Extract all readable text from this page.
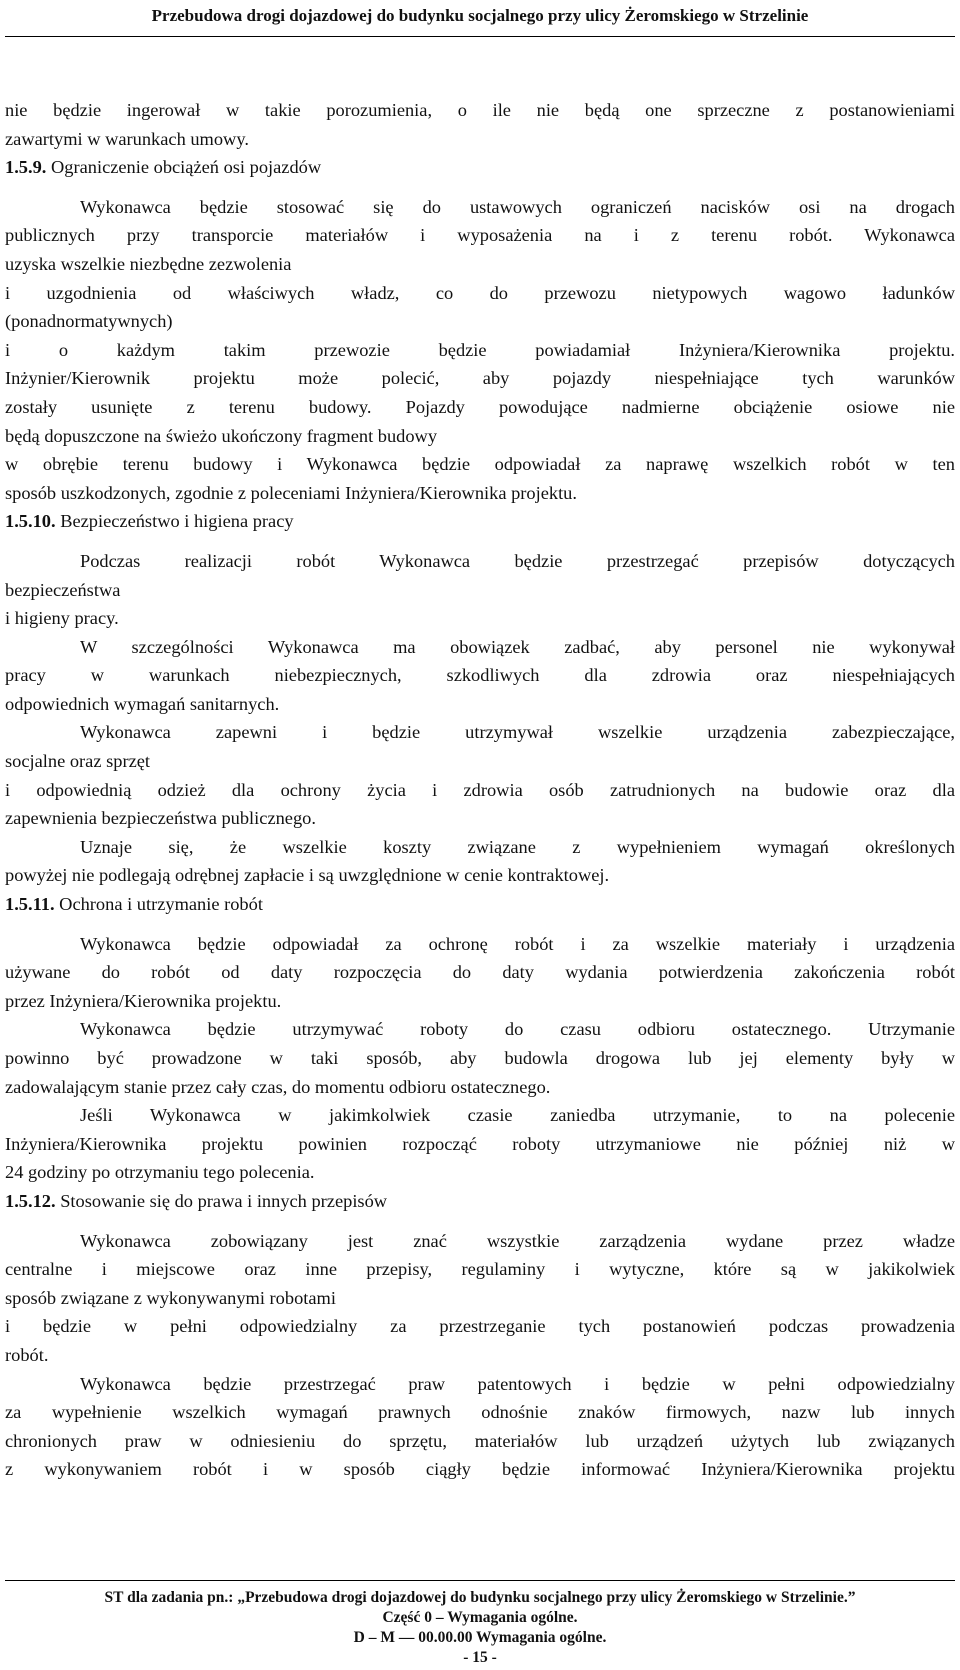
Przebudowa drogi dojazdowej do budynku socjalnego przy ulicy Żeromskiego w Strzelinie

nie będzie ingerował w takie porozumienia, o ile nie będą one sprzeczne z postanowieniami

zawartymi w warunkach umowy.

1.5.9. Ograniczenie obciążeń osi pojazdów

Wykonawca będzie stosować się do ustawowych ograniczeń nacisków osi na drogach

publicznych przy transporcie materiałów i wyposażenia na i z terenu robót. Wykonawca

uzyska wszelkie niezbędne zezwolenia

i uzgodnienia od właściwych władz, co do przewozu nietypowych wagowo ładunków

(ponadnormatywnych)

i o każdym takim przewozie będzie powiadamiał Inżyniera/Kierownika projektu.

Inżynier/Kierownik projektu może polecić, aby pojazdy niespełniające tych warunków

zostały usunięte z terenu budowy. Pojazdy powodujące nadmierne obciążenie osiowe nie

będą dopuszczone na świeżo ukończony fragment budowy

w obrębie terenu budowy i Wykonawca będzie odpowiadał za naprawę wszelkich robót w ten

sposób uszkodzonych, zgodnie z poleceniami Inżyniera/Kierownika projektu.

1.5.10. Bezpieczeństwo i higiena pracy

Podczas realizacji robót Wykonawca będzie przestrzegać przepisów dotyczących

bezpieczeństwa

i higieny pracy.

W szczególności Wykonawca ma obowiązek zadbać, aby personel nie wykonywał

pracy w warunkach niebezpiecznych, szkodliwych dla zdrowia oraz niespełniających

odpowiednich wymagań sanitarnych.

Wykonawca zapewni i będzie utrzymywał wszelkie urządzenia zabezpieczające,

socjalne oraz sprzęt

i odpowiednią odzież dla ochrony życia i zdrowia osób zatrudnionych na budowie oraz dla

zapewnienia bezpieczeństwa publicznego.

Uznaje się, że wszelkie koszty związane z wypełnieniem wymagań określonych

powyżej nie podlegają odrębnej zapłacie i są uwzględnione w cenie kontraktowej.

1.5.11. Ochrona i utrzymanie robót

Wykonawca będzie odpowiadał za ochronę robót i za wszelkie materiały i urządzenia

używane do robót od daty rozpoczęcia do daty wydania potwierdzenia zakończenia robót

przez Inżyniera/Kierownika projektu.

Wykonawca będzie utrzymywać roboty do czasu odbioru ostatecznego. Utrzymanie

powinno być prowadzone w taki sposób, aby budowla drogowa lub jej elementy były w

zadowalającym stanie przez cały czas, do momentu odbioru ostatecznego.

Jeśli Wykonawca w jakimkolwiek czasie zaniedba utrzymanie, to na polecenie

Inżyniera/Kierownika projektu powinien rozpocząć roboty utrzymaniowe nie później niż w

24 godziny po otrzymaniu tego polecenia.

1.5.12. Stosowanie się do prawa i innych przepisów

Wykonawca zobowiązany jest znać wszystkie zarządzenia wydane przez władze

centralne i miejscowe oraz inne przepisy, regulaminy i wytyczne, które są w jakikolwiek

sposób związane z wykonywanymi robotami

i będzie w pełni odpowiedzialny za przestrzeganie tych postanowień podczas prowadzenia

robót.

Wykonawca będzie przestrzegać praw patentowych i będzie w pełni odpowiedzialny

za wypełnienie wszelkich wymagań prawnych odnośnie znaków firmowych, nazw lub innych

chronionych praw w odniesieniu do sprzętu, materiałów lub urządzeń użytych lub związanych

z wykonywaniem robót i w sposób ciągły będzie informować Inżyniera/Kierownika projektu

ST dla zadania pn.: „Przebudowa drogi dojazdowej do budynku socjalnego przy ulicy Żeromskiego w Strzelinie.”
Część 0 – Wymagania ogólne.
D – M — 00.00.00 Wymagania ogólne.
- 15 -
